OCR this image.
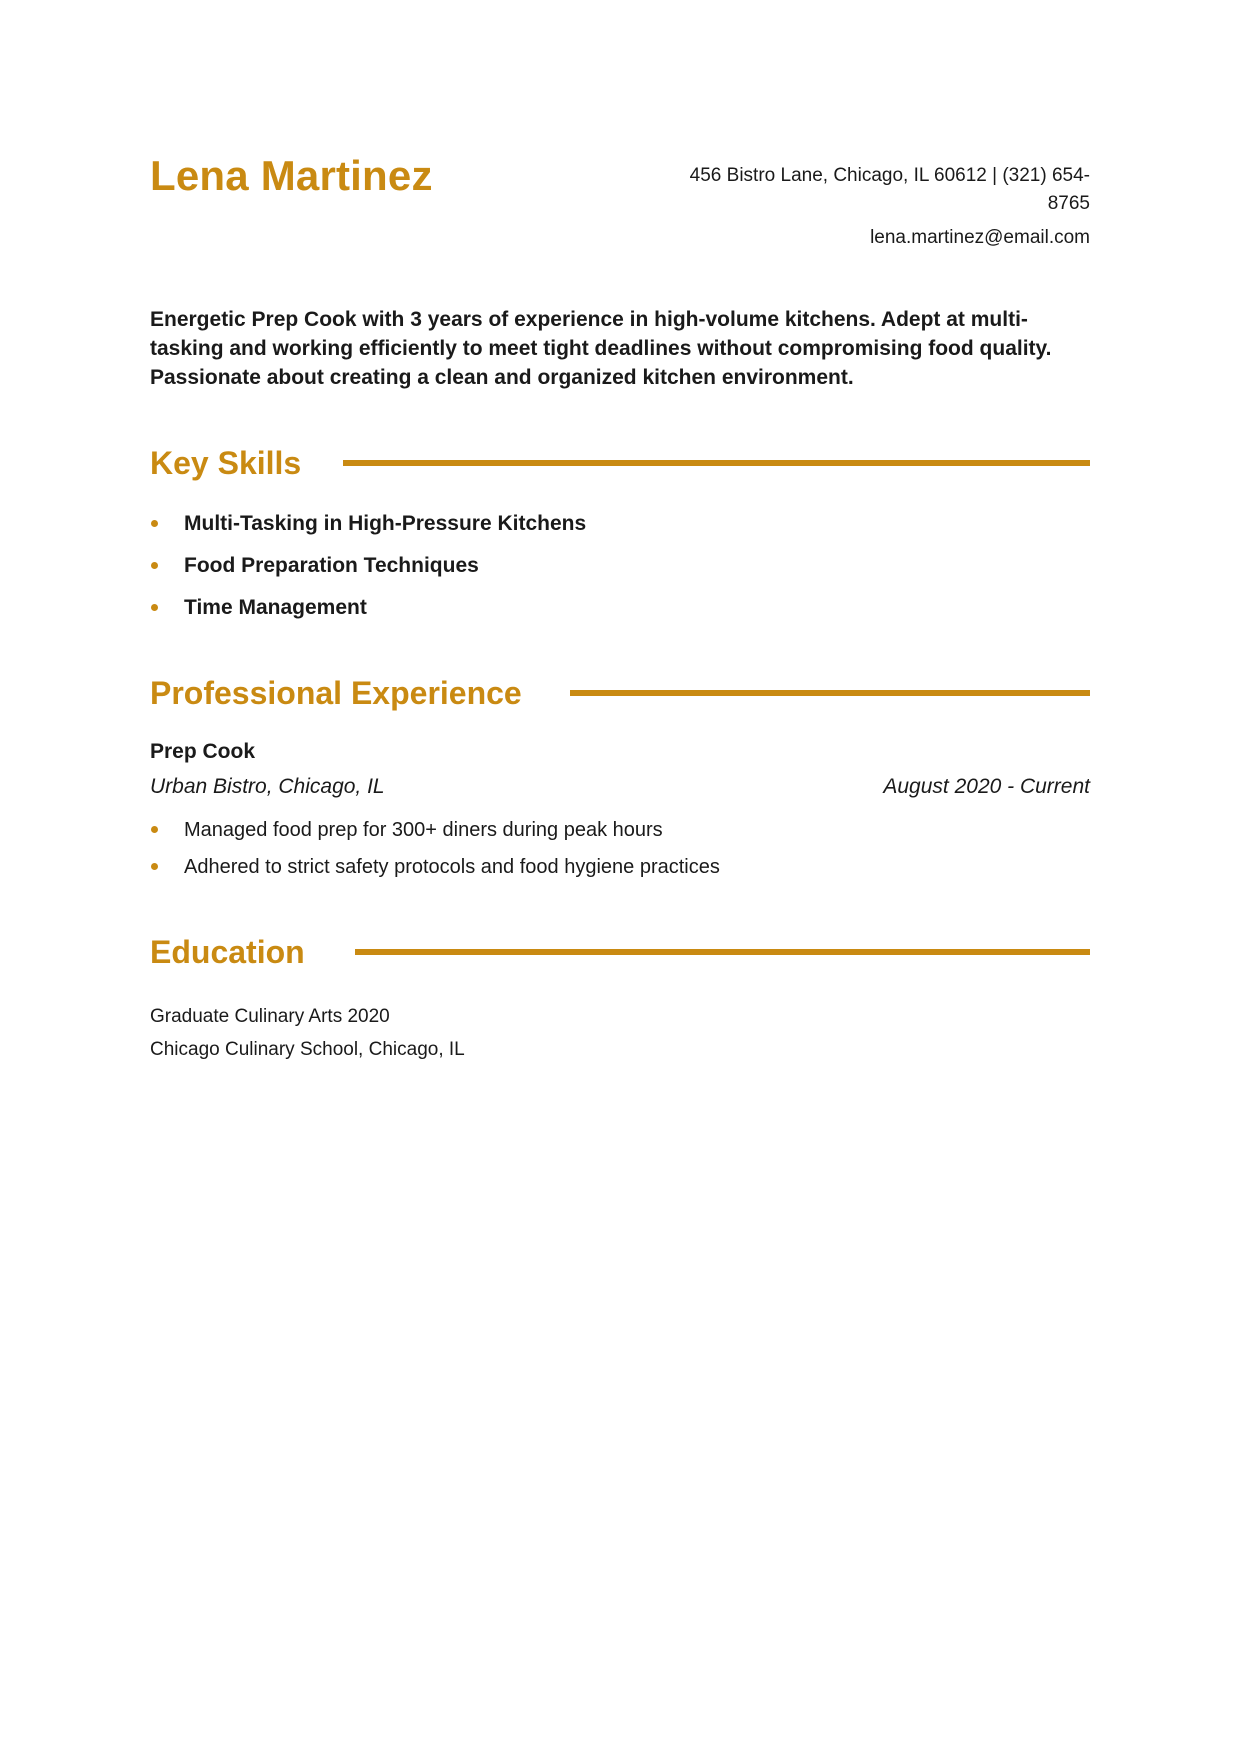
Lena Martinez	456 Bistro Lane, Chicago, IL 60612 | (321) 654-8765
lena.martinez@email.com

Energetic Prep Cook with 3 years of experience in high-volume kitchens. Adept at multi-tasking and working efficiently to meet tight deadlines without compromising food quality. Passionate about creating a clean and organized kitchen environment.

Key Skills
Multi-Tasking in High-Pressure Kitchens
Food Preparation Techniques
Time Management
Professional Experience
Prep Cook
Urban Bistro, Chicago, IL	August 2020 - Current
Managed food prep for 300+ diners during peak hours
Adhered to strict safety protocols and food hygiene practices
Education
Graduate Culinary Arts 2020
Chicago Culinary School, Chicago, IL
